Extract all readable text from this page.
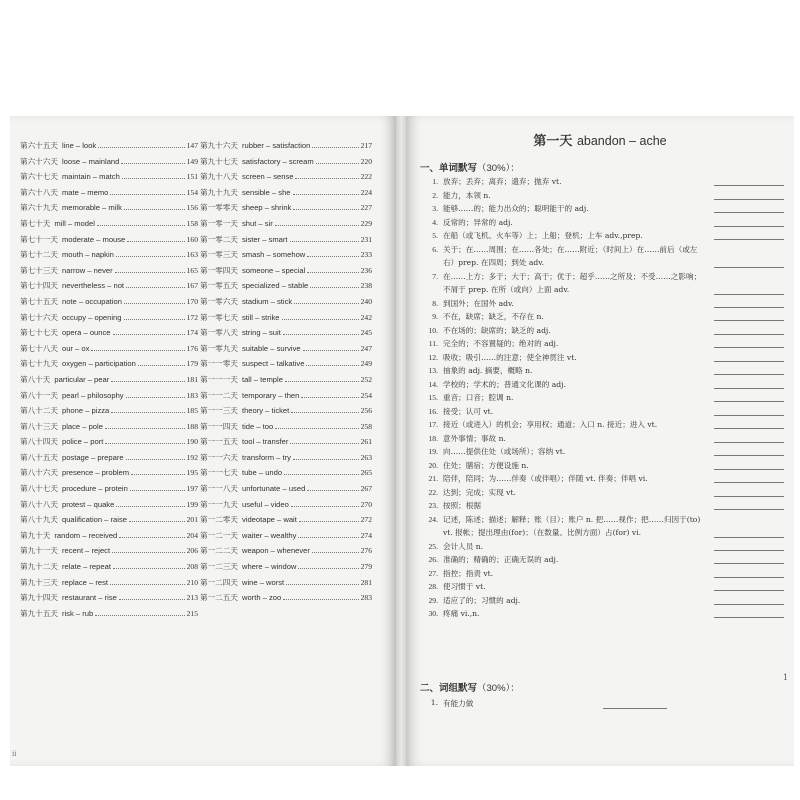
第六十五天 line – look	147
第六十六天 loose – mainland	149
第六十七天 maintain – match	151
第六十八天 mate – memo	154
第六十九天 memorable – milk	156
第七十天 mill – model	158
第七十一天 moderate – mouse	160
第七十二天 mouth – napkin	163
第七十三天 narrow – never	165
第七十四天 nevertheless – not	167
第七十五天 note – occupation	170
第七十六天 occupy – opening	172
第七十七天 opera – ounce	174
第七十八天 our – ox	176
第七十九天 oxygen – participation	179
第八十天 particular – pear	181
第八十一天 pearl – philosophy	183
第八十二天 phone – pizza	185
第八十三天 place – pole	188
第八十四天 police – port	190
第八十五天 postage – prepare	192
第八十六天 presence – problem	195
第八十七天 procedure – protein	197
第八十八天 protest – quake	199
第八十九天 qualification – raise	201
第九十天 random – received	204
第九十一天 recent – reject	206
第九十二天 relate – repeat	208
第九十三天 replace – rest	210
第九十四天 restaurant – rise	213
第九十五天 risk – rub	215
第九十六天 rubber – satisfaction	217
第九十七天 satisfactory – scream	220
第九十八天 screen – sense	222
第九十九天 sensible – she	224
第一零零天 sheep – shrink	227
第一零一天 shut – sir	229
第一零二天 sister – smart	231
第一零三天 smash – somehow	233
第一零四天 someone – special	236
第一零五天 specialized – stable	238
第一零六天 stadium – stick	240
第一零七天 still – strike	242
第一零八天 string – suit	245
第一零九天 suitable – survive	247
第一一零天 suspect – talkative	249
第一一一天 tall – temple	252
第一一二天 temporary – then	254
第一一三天 theory – ticket	256
第一一四天 tide – too	258
第一一五天 tool – transfer	261
第一一六天 transform – try	263
第一一七天 tube – undo	265
第一一八天 unfortunate – used	267
第一一九天 useful – video	270
第一二零天 videotape – wait	272
第一二一天 waiter – wealthy	274
第一二二天 weapon – whenever	276
第一二三天 where – window	279
第一二四天 wine – worst	281
第一二五天 worth – zoo	283
ii
第一天 abandon – ache
一、单词默写（30%）：
1. 放弃；丢弃；离弃；遗弃；抛弃 vt.
2. 能力，本领 n.
3. 能够……的；能力出众的；聪明能干的 adj.
4. 反常的；异常的 adj.
5. 在船（或飞机、火车等）上；上船；登机；上车 adv.,prep.
6. 关于；在……周围；在……各处；在……附近；（时间上）在……前后（或左右）prep. 在四周；到处 adv.
7. 在……上方；多于；大于；高于；优于；超乎……之所及；不受……之影响；不屑于 prep. 在所（或向）上面 adv.
8. 到国外；在国外 adv.
9. 不在，缺席；缺乏，不存在 n.
10. 不在场的；缺席的；缺乏的 adj.
11. 完全的；不容置疑的；绝对的 adj.
12. 吸收；吸引……的注意；使全神贯注 vt.
13. 抽象的 adj. 摘要，概略 n.
14. 学校的；学术的；普通文化课的 adj.
15. 重音；口音；腔调 n.
16. 接受；认可 vt.
17. 接近（或进入）的机会；享用权；通道；入口 n. 接近；进入 vt.
18. 意外事情；事故 n.
19. 向……提供住处（或场所）；容纳 vt.
20. 住处；膳宿；方便设施 n.
21. 陪伴，陪同；为……伴奏（或伴唱）；伴随 vt. 伴奏；伴唱 vi.
22. 达到；完成；实现 vt.
23. 按照；根据
24. 记述，陈述；描述；解释；账（目）；账户 n. 把……视作；把……归因于(to) vt. 报帐；提出理由(for)；（在数量、比例方面）占(for) vi.
25. 会计人员 n.
26. 准确的；精确的；正确无误的 adj.
27. 指控；指责 vt.
28. 使习惯于 vt.
29. 适应了的；习惯的 adj.
30. 疼痛 vi.,n.
二、词组默写（30%）：
1. 有能力做
1
